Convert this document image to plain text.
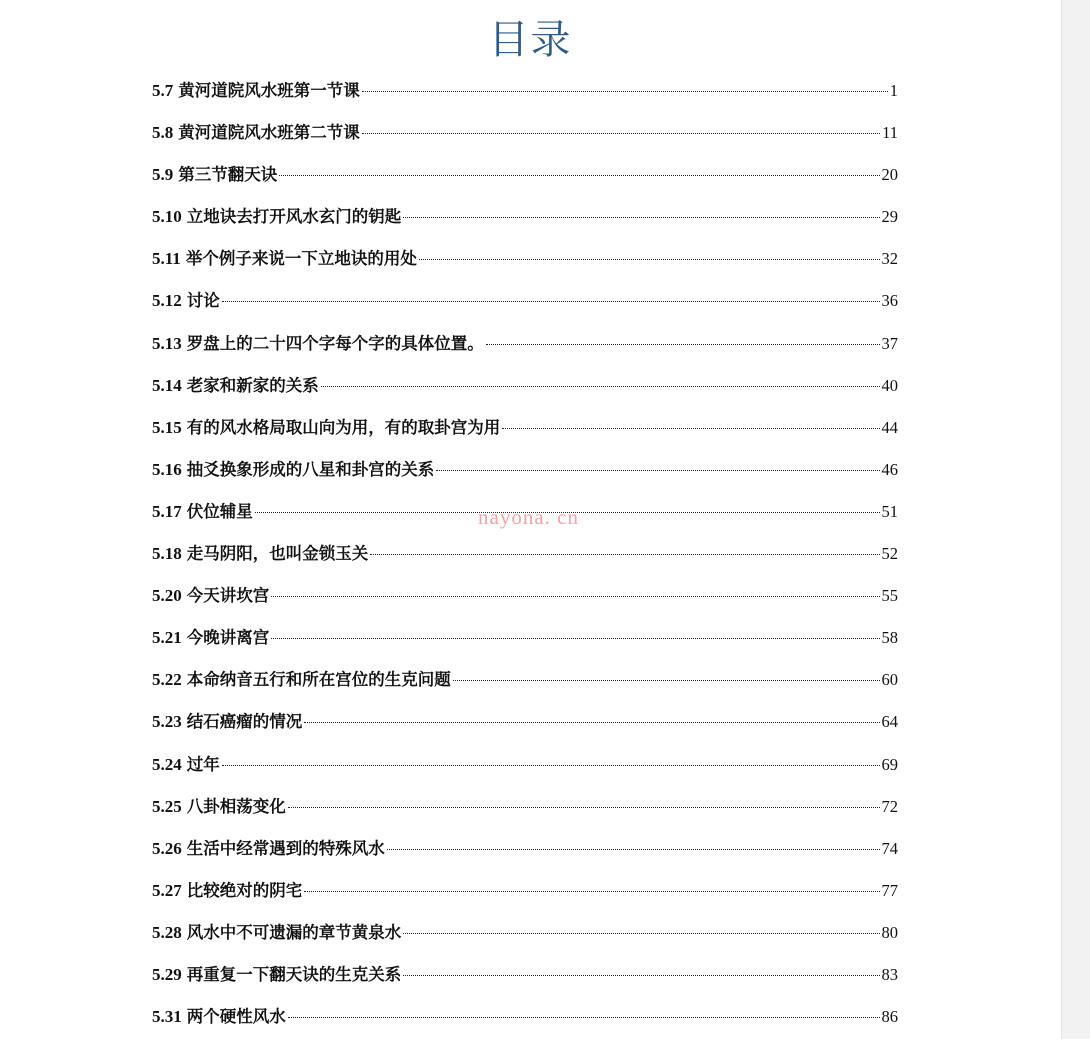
目录
5.7 黄河道院风水班第一节课	1
5.8 黄河道院风水班第二节课	11
5.9 第三节翻天诀	20
5.10 立地诀去打开风水玄门的钥匙	29
5.11 举个例子来说一下立地诀的用处	32
5.12 讨论	36
5.13 罗盘上的二十四个字每个字的具体位置。	37
5.14 老家和新家的关系	40
5.15 有的风水格局取山向为用，有的取卦宫为用	44
5.16 抽爻换象形成的八星和卦宫的关系	46
5.17 伏位辅星	51
5.18 走马阴阳，也叫金锁玉关	52
5.20 今天讲坎宫	55
5.21 今晚讲离宫	58
5.22 本命纳音五行和所在宫位的生克问题	60
5.23 结石癌瘤的情况	64
5.24 过年	69
5.25 八卦相荡变化	72
5.26 生活中经常遇到的特殊风水	74
5.27 比较绝对的阴宅	77
5.28 风水中不可遗漏的章节黄泉水	80
5.29 再重复一下翻天诀的生克关系	83
5.31 两个硬性风水	86
nayona. cn
